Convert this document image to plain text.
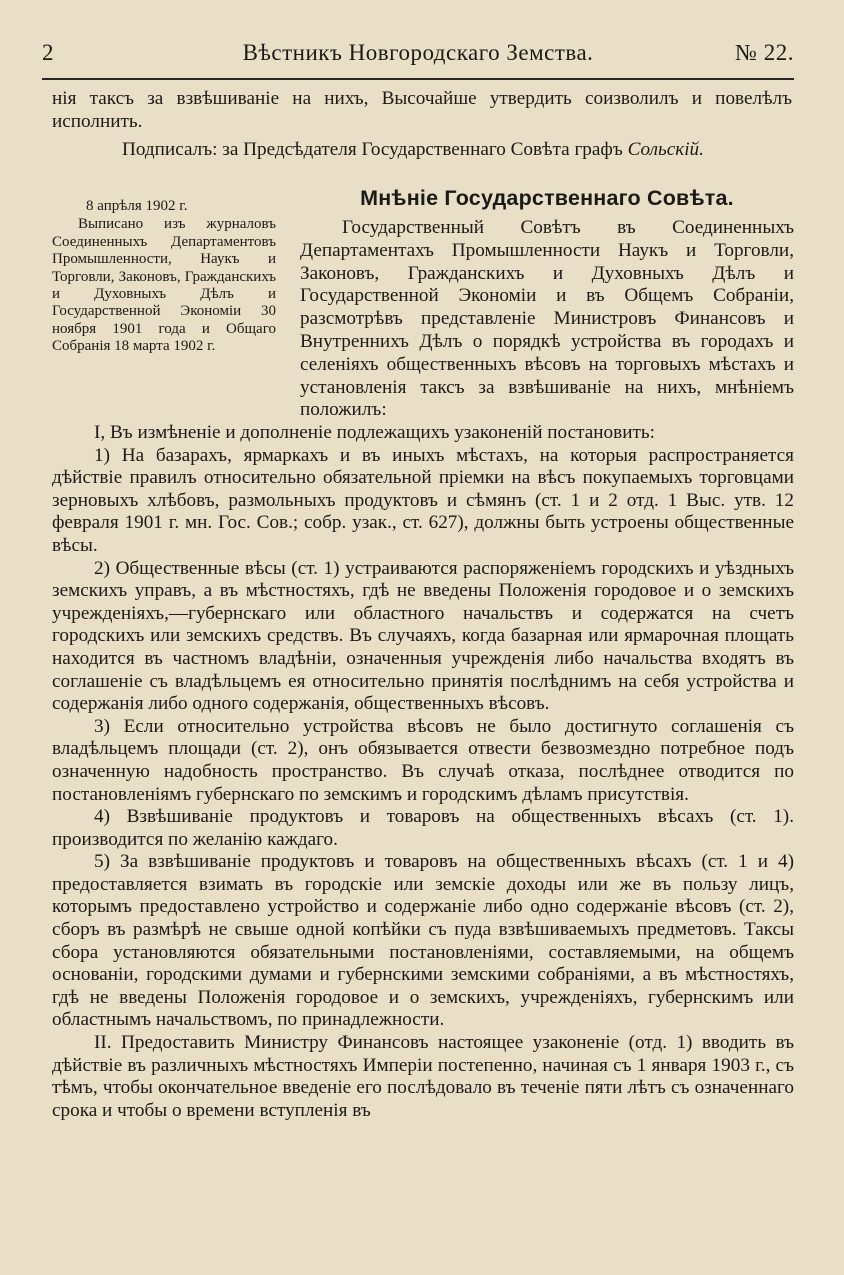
2	Вѣстникъ Новгородскаго Земства.	№ 22.

нія таксъ за взвѣшиваніе на нихъ, Высочайше утвердить соизволилъ и повелѣлъ исполнить.

Подписалъ: за Предсѣдателя Государственнаго Совѣта графъ Сольскій.

8 апрѣля 1902 г.

Выписано изъ журналовъ Соединенныхъ Департаментовъ Промышленности, Наукъ и Торговли, Законовъ, Гражданскихъ и Духовныхъ Дѣлъ и Государственной Экономіи 30 ноября 1901 года и Общаго Собранія 18 марта 1902 г.

Мнѣніе Государственнаго Совѣта.

Государственный Совѣтъ въ Соединенныхъ Департаментахъ Промышленности Наукъ и Торговли, Законовъ, Гражданскихъ и Духовныхъ Дѣлъ и Государственной Экономіи и въ Общемъ Собраніи, разсмотрѣвъ представленіе Министровъ Финансовъ и Внутреннихъ Дѣлъ о порядкѣ устройства въ городахъ и селеніяхъ общественныхъ вѣсовъ на торговыхъ мѣстахъ и установленія таксъ за взвѣшиваніе на нихъ, мнѣніемъ положилъ:

I, Въ измѣненіе и дополненіе подлежащихъ узаконеній постановить:

1) На базарахъ, ярмаркахъ и въ иныхъ мѣстахъ, на которыя распространяется дѣйствіе правилъ относительно обязательной пріемки на вѣсъ покупаемыхъ торговцами зерновыхъ хлѣбовъ, размольныхъ продуктовъ и сѣмянъ (ст. 1 и 2 отд. 1 Выс. утв. 12 февраля 1901 г. мн. Гос. Сов.; собр. узак., ст. 627), должны быть устроены общественные вѣсы.

2) Общественные вѣсы (ст. 1) устраиваются распоряженіемъ городскихъ и уѣздныхъ земскихъ управъ, а въ мѣстностяхъ, гдѣ не введены Положенія городовое и о земскихъ учрежденіяхъ,—губернскаго или областного начальствъ и содержатся на счетъ городскихъ или земскихъ средствъ. Въ случаяхъ, когда базарная или ярмарочная площать находится въ частномъ владѣніи, означенныя учрежденія либо начальства входятъ въ соглашеніе съ владѣльцемъ ея относительно принятія послѣднимъ на себя устройства и содержанія либо одного содержанія, общественныхъ вѣсовъ.

3) Если относительно устройства вѣсовъ не было достигнуто соглашенія съ владѣльцемъ площади (ст. 2), онъ обязывается отвести безвозмездно потребное подъ означенную надобность пространство. Въ случаѣ отказа, послѣднее отводится по постановленіямъ губернскаго по земскимъ и городскимъ дѣламъ присутствія.

4) Взвѣшиваніе продуктовъ и товаровъ на общественныхъ вѣсахъ (ст. 1). производится по желанію каждаго.

5) За взвѣшиваніе продуктовъ и товаровъ на общественныхъ вѣсахъ (ст. 1 и 4) предоставляется взимать въ городскіе или земскіе доходы или же въ пользу лицъ, которымъ предоставлено устройство и содержаніе либо одно содержаніе вѣсовъ (ст. 2), сборъ въ размѣрѣ не свыше одной копѣйки съ пуда взвѣшиваемыхъ предметовъ. Таксы сбора установляются обязательными постановленіями, составляемыми, на общемъ основаніи, городскими думами и губернскими земскими собраніями, а въ мѣстностяхъ, гдѣ не введены Положенія городовое и о земскихъ, учрежденіяхъ, губернскимъ или областнымъ начальствомъ, по принадлежности.

II. Предоставить Министру Финансовъ настоящее узаконеніе (отд. 1) вводить въ дѣйствіе въ различныхъ мѣстностяхъ Имперіи постепенно, начиная съ 1 января 1903 г., съ тѣмъ, чтобы окончательное введеніе его послѣдовало въ теченіе пяти лѣтъ съ означеннаго срока и чтобы о времени вступленія въ
